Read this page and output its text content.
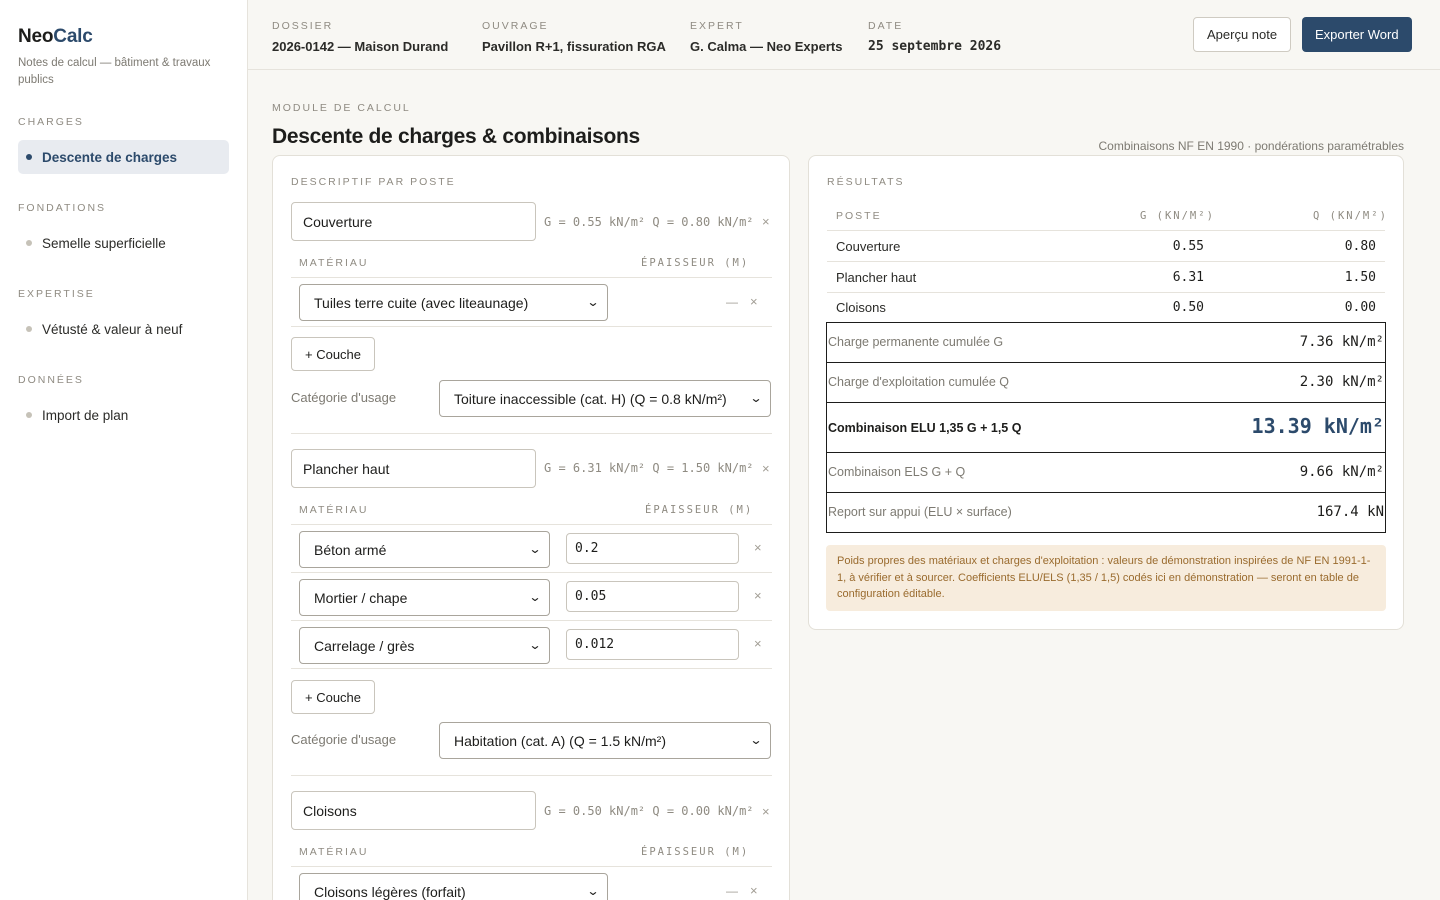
NeoCalc
Notes de calcul — bâtiment & travaux publics
CHARGES
Descente de charges
FONDATIONS
Semelle superficielle
EXPERTISE
Vétusté & valeur à neuf
DONNÉES
Import de plan
DOSSIER
2026-0142 — Maison Durand
OUVRAGE
Pavillon R+1, fissuration RGA
EXPERT
G. Calma — Neo Experts
DATE
25 septembre 2026
Aperçu note	Exporter Word
MODULE DE CALCUL
Descente de charges & combinaisons	Combinaisons NF EN 1990 · pondérations paramétrables
DESCRIPTIF PAR POSTE
Couverture	G = 0.55 kN/m² Q = 0.80 kN/m² ×
MATÉRIAU	ÉPAISSEUR (M)
Tuiles terre cuite (avec liteaunage)	⌄	— ×
+ Couche
Catégorie d'usage	Toiture inaccessible (cat. H) (Q = 0.8 kN/m²) ⌄
Plancher haut	G = 6.31 kN/m² Q = 1.50 kN/m² ×
MATÉRIAU	ÉPAISSEUR (M)
Béton armé	⌄	0.2	×
Mortier / chape	⌄	0.05	×
Carrelage / grès	⌄	0.012	×
+ Couche
Catégorie d'usage	Habitation (cat. A) (Q = 1.5 kN/m²)	⌄
Cloisons	G = 0.50 kN/m² Q = 0.00 kN/m² ×
MATÉRIAU	ÉPAISSEUR (M)
Cloisons légères (forfait)	⌄	— ×
RÉSULTATS
POSTE	G (KN/M²)	Q (KN/M²)
Couverture	0.55	0.80
Plancher haut	6.31	1.50
Cloisons	0.50	0.00
Charge permanente cumulée G	7.36 kN/m²
Charge d'exploitation cumulée Q	2.30 kN/m²
Combinaison ELU 1,35 G + 1,5 Q	13.39 kN/m²
Combinaison ELS G + Q	9.66 kN/m²
Report sur appui (ELU × surface)	167.4 kN
Poids propres des matériaux et charges d'exploitation : valeurs de démonstration inspirées de NF EN 1991-1-1, à vérifier et à sourcer. Coefficients ELU/ELS (1,35 / 1,5) codés ici en démonstration — seront en table de configuration éditable.
